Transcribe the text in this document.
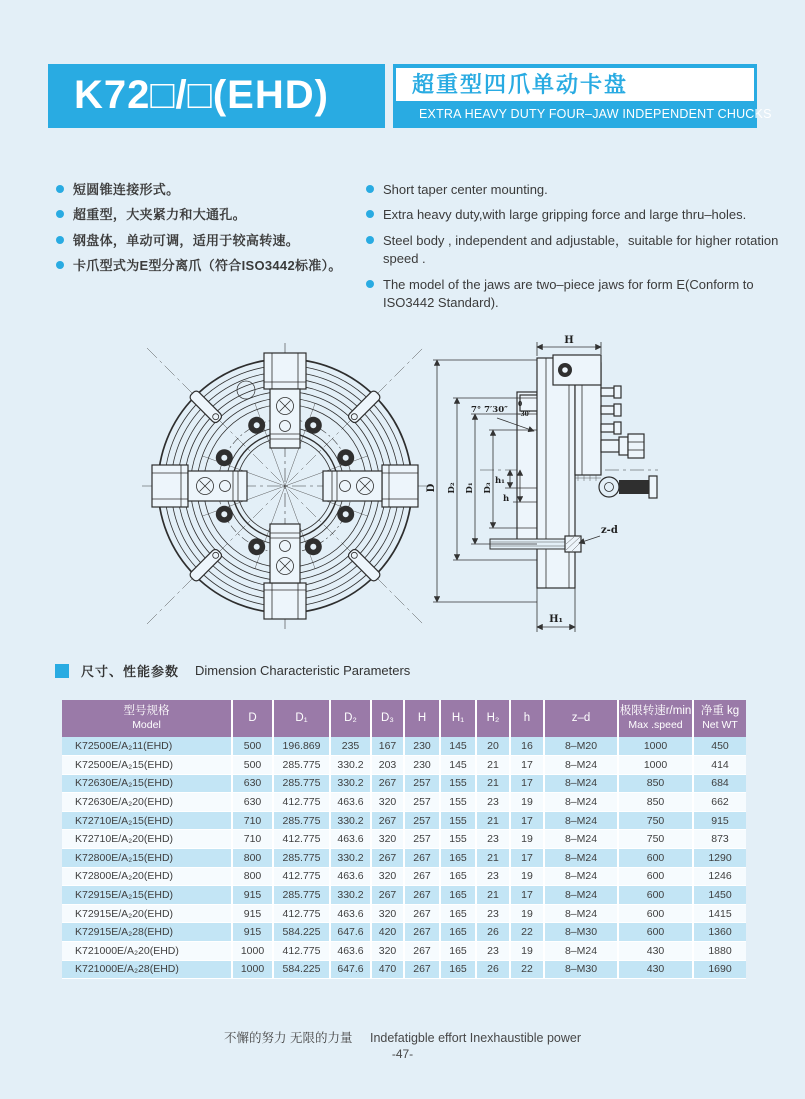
K72□/□(EHD)	超重型四爪单动卡盘
EXTRA HEAVY DUTY FOUR–JAW INDEPENDENT CHUCKS
短圆锥连接形式。
超重型，大夹紧力和大通孔。
钢盘体，单动可调，适用于较高转速。
卡爪型式为E型分离爪（符合ISO3442标准）。
Short taper center mounting.
Extra heavy duty,with large gripping force and large thru–holes.
Steel body , independent and adjustable，suitable for higher rotation speed .
The model of the jaws are two–piece jaws for form E(Conform to ISO3442 Standard).
H
D D₂ D₁ D₃
h₁
h
H₁
z-d
7° 7′30″
0
-30′
尺寸、性能参数 Dimension Characteristic Parameters
型号规格
Model

D	D₁	D₂	D₃	H	H₁	H₂	h	z–d

极限转速r/min
Max .speed

净重 kg
Net WT

K72500E/A₂11(EHD)	500	196.869	235	167	230	145	20	16	8–M20	1000	450
K72500E/A₂15(EHD)	500	285.775	330.2	203	230	145	21	17	8–M24	1000	414
K72630E/A₂15(EHD)	630	285.775	330.2	267	257	155	21	17	8–M24	850	684
K72630E/A₂20(EHD)	630	412.775	463.6	320	257	155	23	19	8–M24	850	662
K72710E/A₂15(EHD)	710	285.775	330.2	267	257	155	21	17	8–M24	750	915
K72710E/A₂20(EHD)	710	412.775	463.6	320	257	155	23	19	8–M24	750	873
K72800E/A₂15(EHD)	800	285.775	330.2	267	267	165	21	17	8–M24	600	1290
K72800E/A₂20(EHD)	800	412.775	463.6	320	267	165	23	19	8–M24	600	1246
K72915E/A₂15(EHD)	915	285.775	330.2	267	267	165	21	17	8–M24	600	1450
K72915E/A₂20(EHD)	915	412.775	463.6	320	267	165	23	19	8–M24	600	1415
K72915E/A₂28(EHD)	915	584.225	647.6	420	267	165	26	22	8–M30	600	1360
K721000E/A₂20(EHD)	1000	412.775	463.6	320	267	165	23	19	8–M24	430	1880
K721000E/A₂28(EHD)	1000	584.225	647.6	470	267	165	26	22	8–M30	430	1690
不懈的努力 无限的力量 Indefatigble effort Inexhaustible power
-47-
